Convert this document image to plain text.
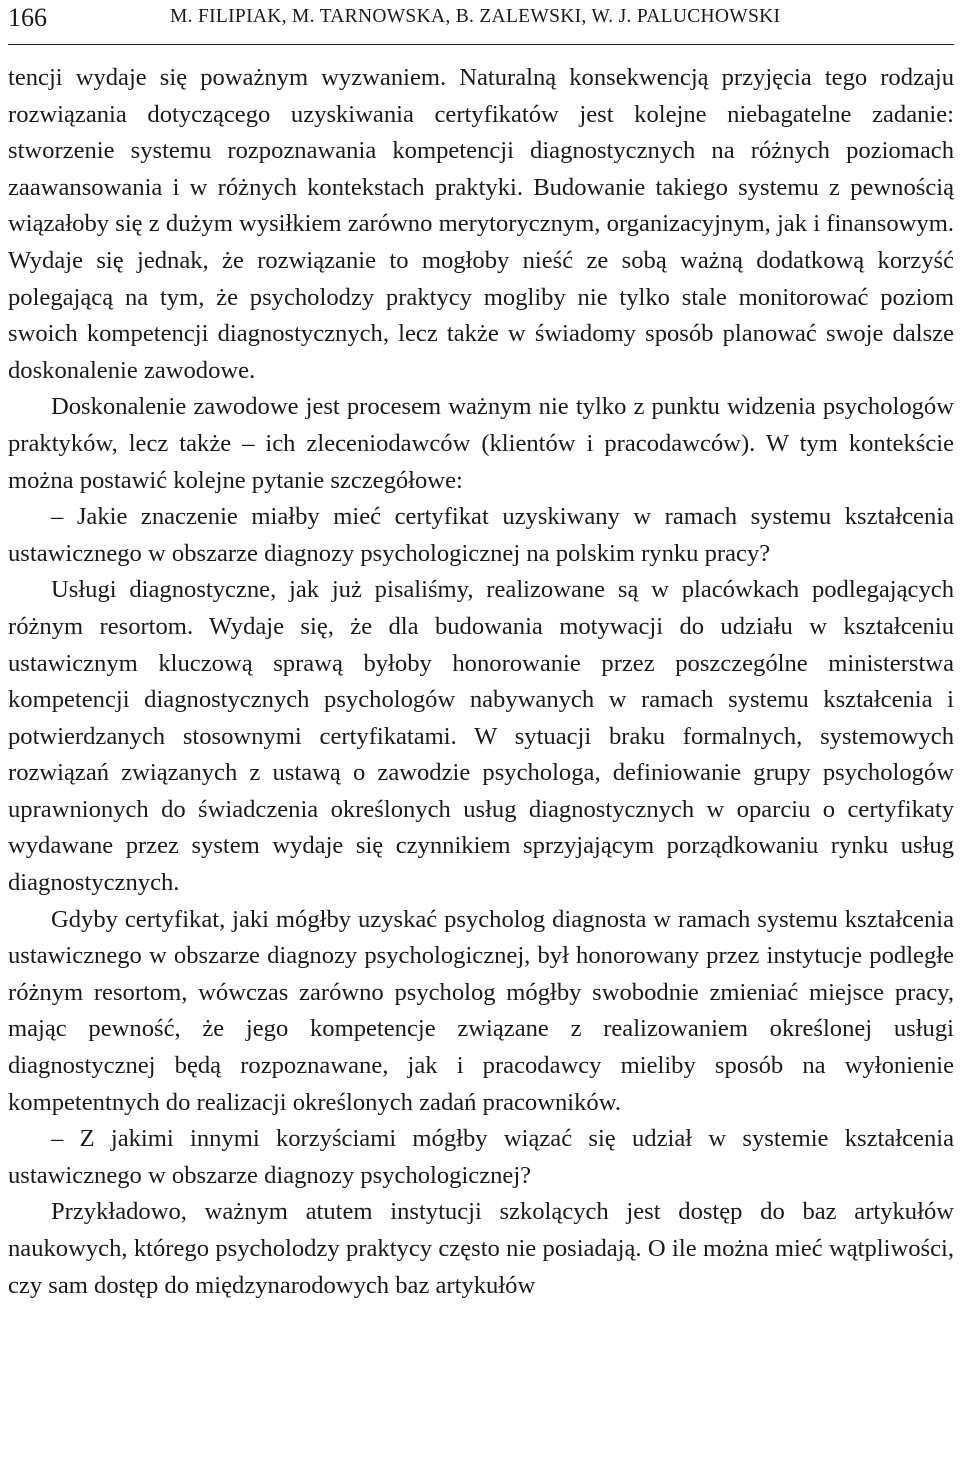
166	M. FILIPIAK, M. TARNOWSKA, B. ZALEWSKI, W. J. PALUCHOWSKI

tencji wydaje się poważnym wyzwaniem. Naturalną konsekwencją przyjęcia tego rodzaju rozwiązania dotyczącego uzyskiwania certyfikatów jest kolejne niebagatelne zadanie: stworzenie systemu rozpoznawania kompetencji diagnostycznych na różnych poziomach zaawansowania i w różnych kontekstach praktyki. Budowanie takiego systemu z pewnością wiązałoby się z dużym wysiłkiem zarówno merytorycznym, organizacyjnym, jak i finansowym. Wydaje się jednak, że rozwiązanie to mogłoby nieść ze sobą ważną dodatkową korzyść polegającą na tym, że psycholodzy praktycy mogliby nie tylko stale monitorować poziom swoich kompetencji diagnostycznych, lecz także w świadomy sposób planować swoje dalsze doskonalenie zawodowe.

Doskonalenie zawodowe jest procesem ważnym nie tylko z punktu widzenia psychologów praktyków, lecz także – ich zleceniodawców (klientów i pracodawców). W tym kontekście można postawić kolejne pytanie szczegółowe:

– Jakie znaczenie miałby mieć certyfikat uzyskiwany w ramach systemu kształcenia ustawicznego w obszarze diagnozy psychologicznej na polskim rynku pracy?

Usługi diagnostyczne, jak już pisaliśmy, realizowane są w placówkach podlegających różnym resortom. Wydaje się, że dla budowania motywacji do udziału w kształceniu ustawicznym kluczową sprawą byłoby honorowanie przez poszczególne ministerstwa kompetencji diagnostycznych psychologów nabywanych w ramach systemu kształcenia i potwierdzanych stosownymi certyfikatami. W sytuacji braku formalnych, systemowych rozwiązań związanych z ustawą o zawodzie psychologa, definiowanie grupy psychologów uprawnionych do świadczenia określonych usług diagnostycznych w oparciu o certyfikaty wydawane przez system wydaje się czynnikiem sprzyjającym porządkowaniu rynku usług diagnostycznych.

Gdyby certyfikat, jaki mógłby uzyskać psycholog diagnosta w ramach systemu kształcenia ustawicznego w obszarze diagnozy psychologicznej, był honorowany przez instytucje podległe różnym resortom, wówczas zarówno psycholog mógłby swobodnie zmieniać miejsce pracy, mając pewność, że jego kompetencje związane z realizowaniem określonej usługi diagnostycznej będą rozpoznawane, jak i pracodawcy mieliby sposób na wyłonienie kompetentnych do realizacji określonych zadań pracowników.

– Z jakimi innymi korzyściami mógłby wiązać się udział w systemie kształcenia ustawicznego w obszarze diagnozy psychologicznej?

Przykładowo, ważnym atutem instytucji szkolących jest dostęp do baz artykułów naukowych, którego psycholodzy praktycy często nie posiadają. O ile można mieć wątpliwości, czy sam dostęp do międzynarodowych baz artykułów
